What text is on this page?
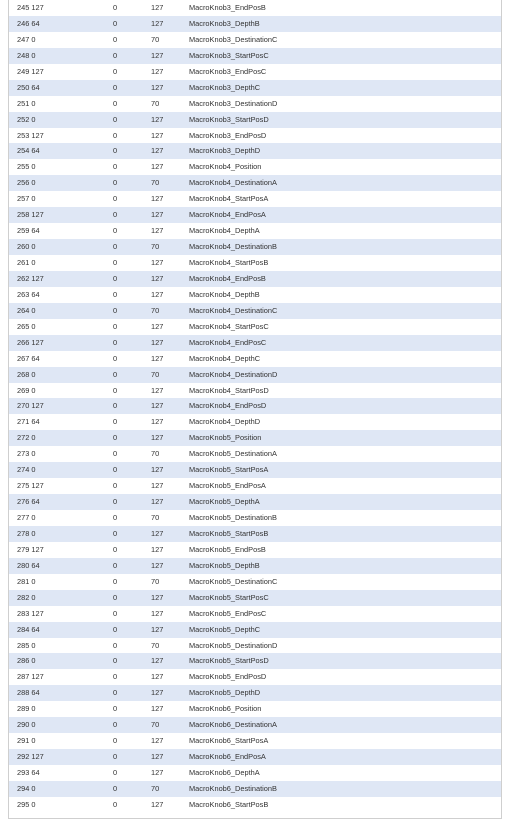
245 127	0	127	MacroKnob3_EndPosB
246 64	0	127	MacroKnob3_DepthB
247 0	0	70	MacroKnob3_DestinationC
248 0	0	127	MacroKnob3_StartPosC
249 127	0	127	MacroKnob3_EndPosC
250 64	0	127	MacroKnob3_DepthC
251 0	0	70	MacroKnob3_DestinationD
252 0	0	127	MacroKnob3_StartPosD
253 127	0	127	MacroKnob3_EndPosD
254 64	0	127	MacroKnob3_DepthD
255 0	0	127	MacroKnob4_Position
256 0	0	70	MacroKnob4_DestinationA
257 0	0	127	MacroKnob4_StartPosA
258 127	0	127	MacroKnob4_EndPosA
259 64	0	127	MacroKnob4_DepthA
260 0	0	70	MacroKnob4_DestinationB
261 0	0	127	MacroKnob4_StartPosB
262 127	0	127	MacroKnob4_EndPosB
263 64	0	127	MacroKnob4_DepthB
264 0	0	70	MacroKnob4_DestinationC
265 0	0	127	MacroKnob4_StartPosC
266 127	0	127	MacroKnob4_EndPosC
267 64	0	127	MacroKnob4_DepthC
268 0	0	70	MacroKnob4_DestinationD
269 0	0	127	MacroKnob4_StartPosD
270 127	0	127	MacroKnob4_EndPosD
271 64	0	127	MacroKnob4_DepthD
272 0	0	127	MacroKnob5_Position
273 0	0	70	MacroKnob5_DestinationA
274 0	0	127	MacroKnob5_StartPosA
275 127	0	127	MacroKnob5_EndPosA
276 64	0	127	MacroKnob5_DepthA
277 0	0	70	MacroKnob5_DestinationB
278 0	0	127	MacroKnob5_StartPosB
279 127	0	127	MacroKnob5_EndPosB
280 64	0	127	MacroKnob5_DepthB
281 0	0	70	MacroKnob5_DestinationC
282 0	0	127	MacroKnob5_StartPosC
283 127	0	127	MacroKnob5_EndPosC
284 64	0	127	MacroKnob5_DepthC
285 0	0	70	MacroKnob5_DestinationD
286 0	0	127	MacroKnob5_StartPosD
287 127	0	127	MacroKnob5_EndPosD
288 64	0	127	MacroKnob5_DepthD
289 0	0	127	MacroKnob6_Position
290 0	0	70	MacroKnob6_DestinationA
291 0	0	127	MacroKnob6_StartPosA
292 127	0	127	MacroKnob6_EndPosA
293 64	0	127	MacroKnob6_DepthA
294 0	0	70	MacroKnob6_DestinationB
295 0	0	127	MacroKnob6_StartPosB
